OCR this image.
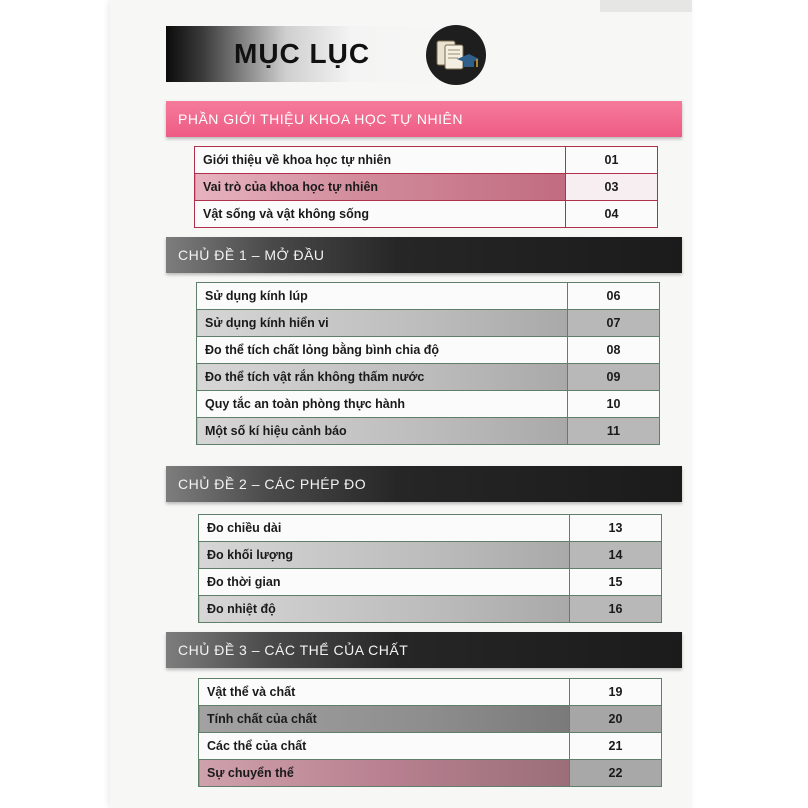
MỤC LỤC
PHẦN GIỚI THIỆU KHOA HỌC TỰ NHIÊN
CHỦ ĐỀ 1 – MỞ ĐẦU
CHỦ ĐỀ 2 – CÁC PHÉP ĐO
CHỦ ĐỀ 3 – CÁC THỂ CỦA CHẤT
Giới thiệu về khoa học tự nhiên	01
Vai trò của khoa học tự nhiên	03
Vật sống và vật không sống	04
Sử dụng kính lúp	06
Sử dụng kính hiển vi	07
Đo thể tích chất lỏng bằng bình chia độ	08
Đo thể tích vật rắn không thấm nước	09
Quy tắc an toàn phòng thực hành	10
Một số kí hiệu cảnh báo	11
Đo chiều dài	13
Đo khối lượng	14
Đo thời gian	15
Đo nhiệt độ	16
Vật thể và chất	19
Tính chất của chất	20
Các thể của chất	21
Sự chuyển thể	22
